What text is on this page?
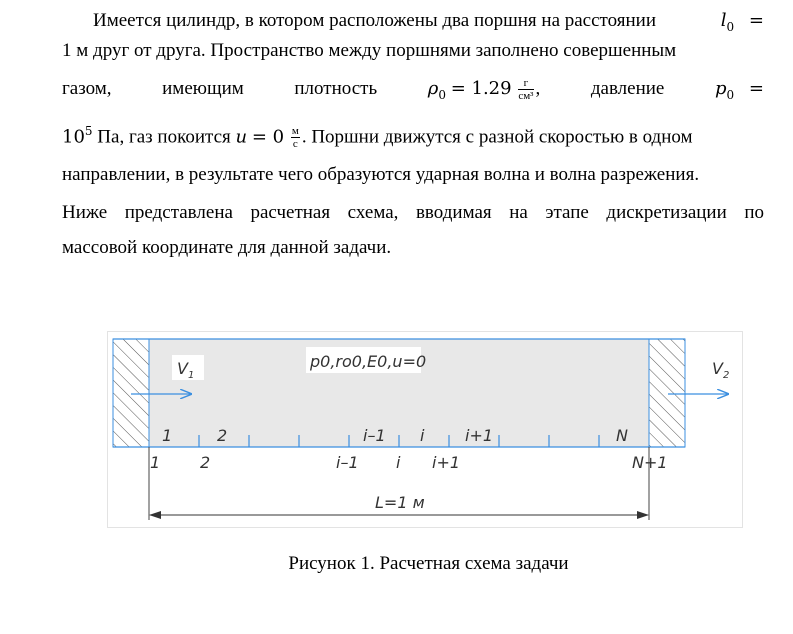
Имеется цилиндр, в котором расположены два поршня на расстоянии	$l_0$ =
1 м друг от друга. Пространство между поршнями заполнено совершенным
газом,	имеющим	плотность	$\rho_0 = 1.29 \frac{г}{\text{см³}}$ ,	давление	$p_0$ =
$10^5$ Па, газ покоится $u = 0 \frac{м}{с}$ . Поршни движутся с разной скоростью в одном
направлении, в результате чего образуются ударная волна и волна разрежения.
Ниже представлена расчетная схема, вводимая на этапе дискретизации по
массовой координате для данной задачи.
$V_1$	$V_2$
p0,ro0,E0,u=0
1	2	i–1 i	i+1	N
1 2	i–1 i i+1	N+1
L=1 м
Рисунок 1. Расчетная схема задачи
